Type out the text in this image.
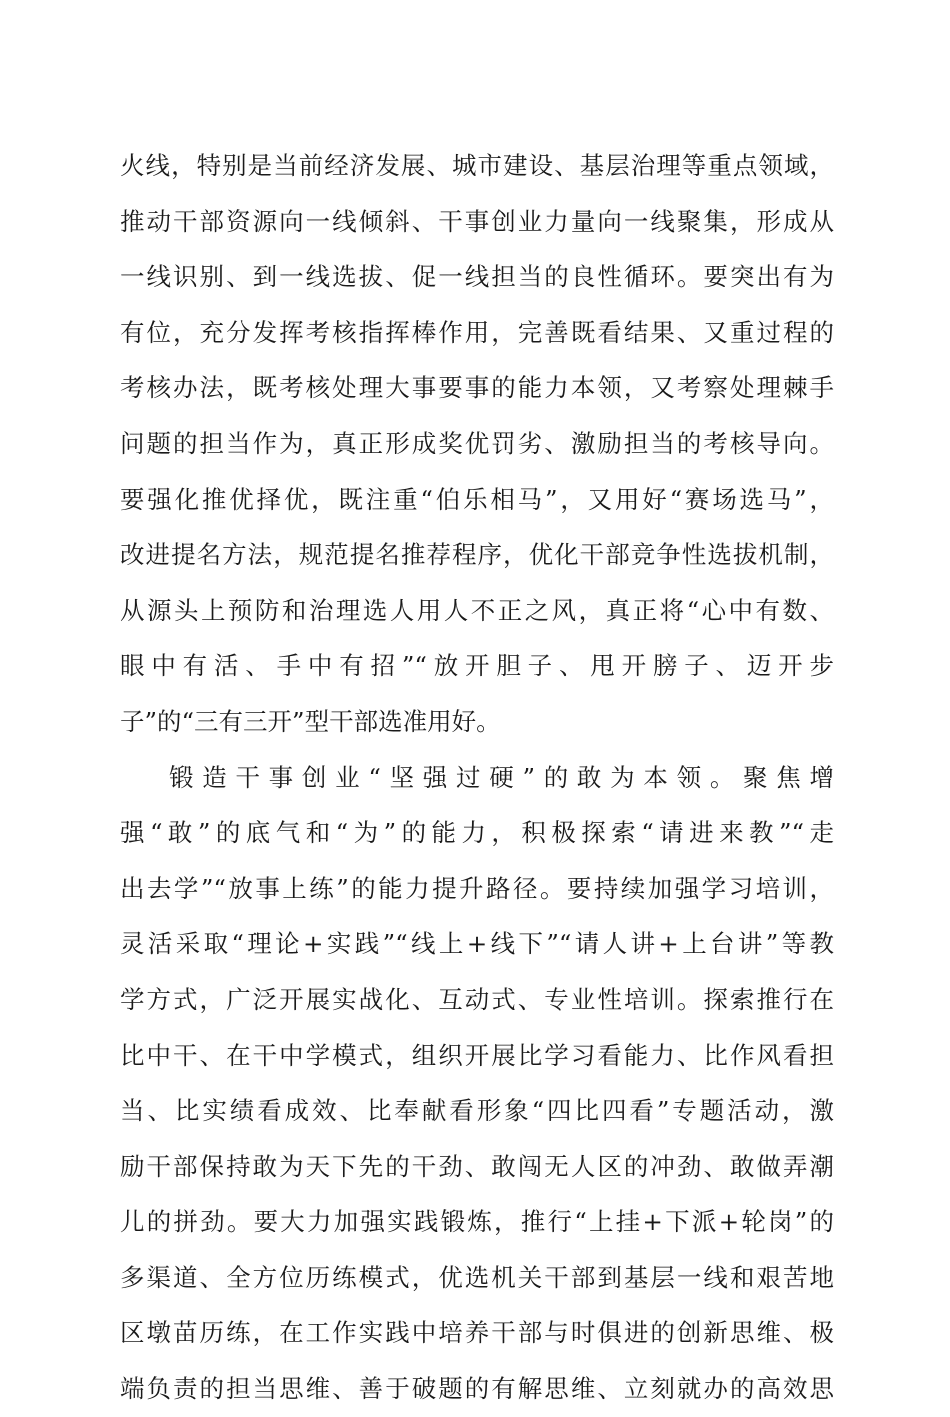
火线，特别是当前经济发展、城市建设、基层治理等重点领域，
推动干部资源向一线倾斜、干事创业力量向一线聚集，形成从
一线识别、到一线选拔、促一线担当的良性循环。要突出有为
有位，充分发挥考核指挥棒作用，完善既看结果、又重过程的
考核办法，既考核处理大事要事的能力本领，又考察处理棘手
问题的担当作为，真正形成奖优罚劣、激励担当的考核导向。
要强化推优择优，既注重“伯乐相马”，又用好“赛场选马”，
改进提名方法，规范提名推荐程序，优化干部竞争性选拔机制，
从源头上预防和治理选人用人不正之风，真正将“心中有数、
眼中有活、手中有招”“放开胆子、甩开膀子、迈开步
子”的“三有三开”型干部选准用好。
锻造干事创业“坚强过硬”的敢为本领。聚焦增
强“敢”的底气和“为”的能力，积极探索“请进来教”“走
出去学”“放事上练”的能力提升路径。要持续加强学习培训，
灵活采取“理论+实践”“线上+线下”“请人讲+上台讲”等教
学方式，广泛开展实战化、互动式、专业性培训。探索推行在
比中干、在干中学模式，组织开展比学习看能力、比作风看担
当、比实绩看成效、比奉献看形象“四比四看”专题活动，激
励干部保持敢为天下先的干劲、敢闯无人区的冲劲、敢做弄潮
儿的拼劲。要大力加强实践锻炼，推行“上挂+下派+轮岗”的
多渠道、全方位历练模式，优选机关干部到基层一线和艰苦地
区墩苗历练，在工作实践中培养干部与时俱进的创新思维、极
端负责的担当思维、善于破题的有解思维、立刻就办的高效思
